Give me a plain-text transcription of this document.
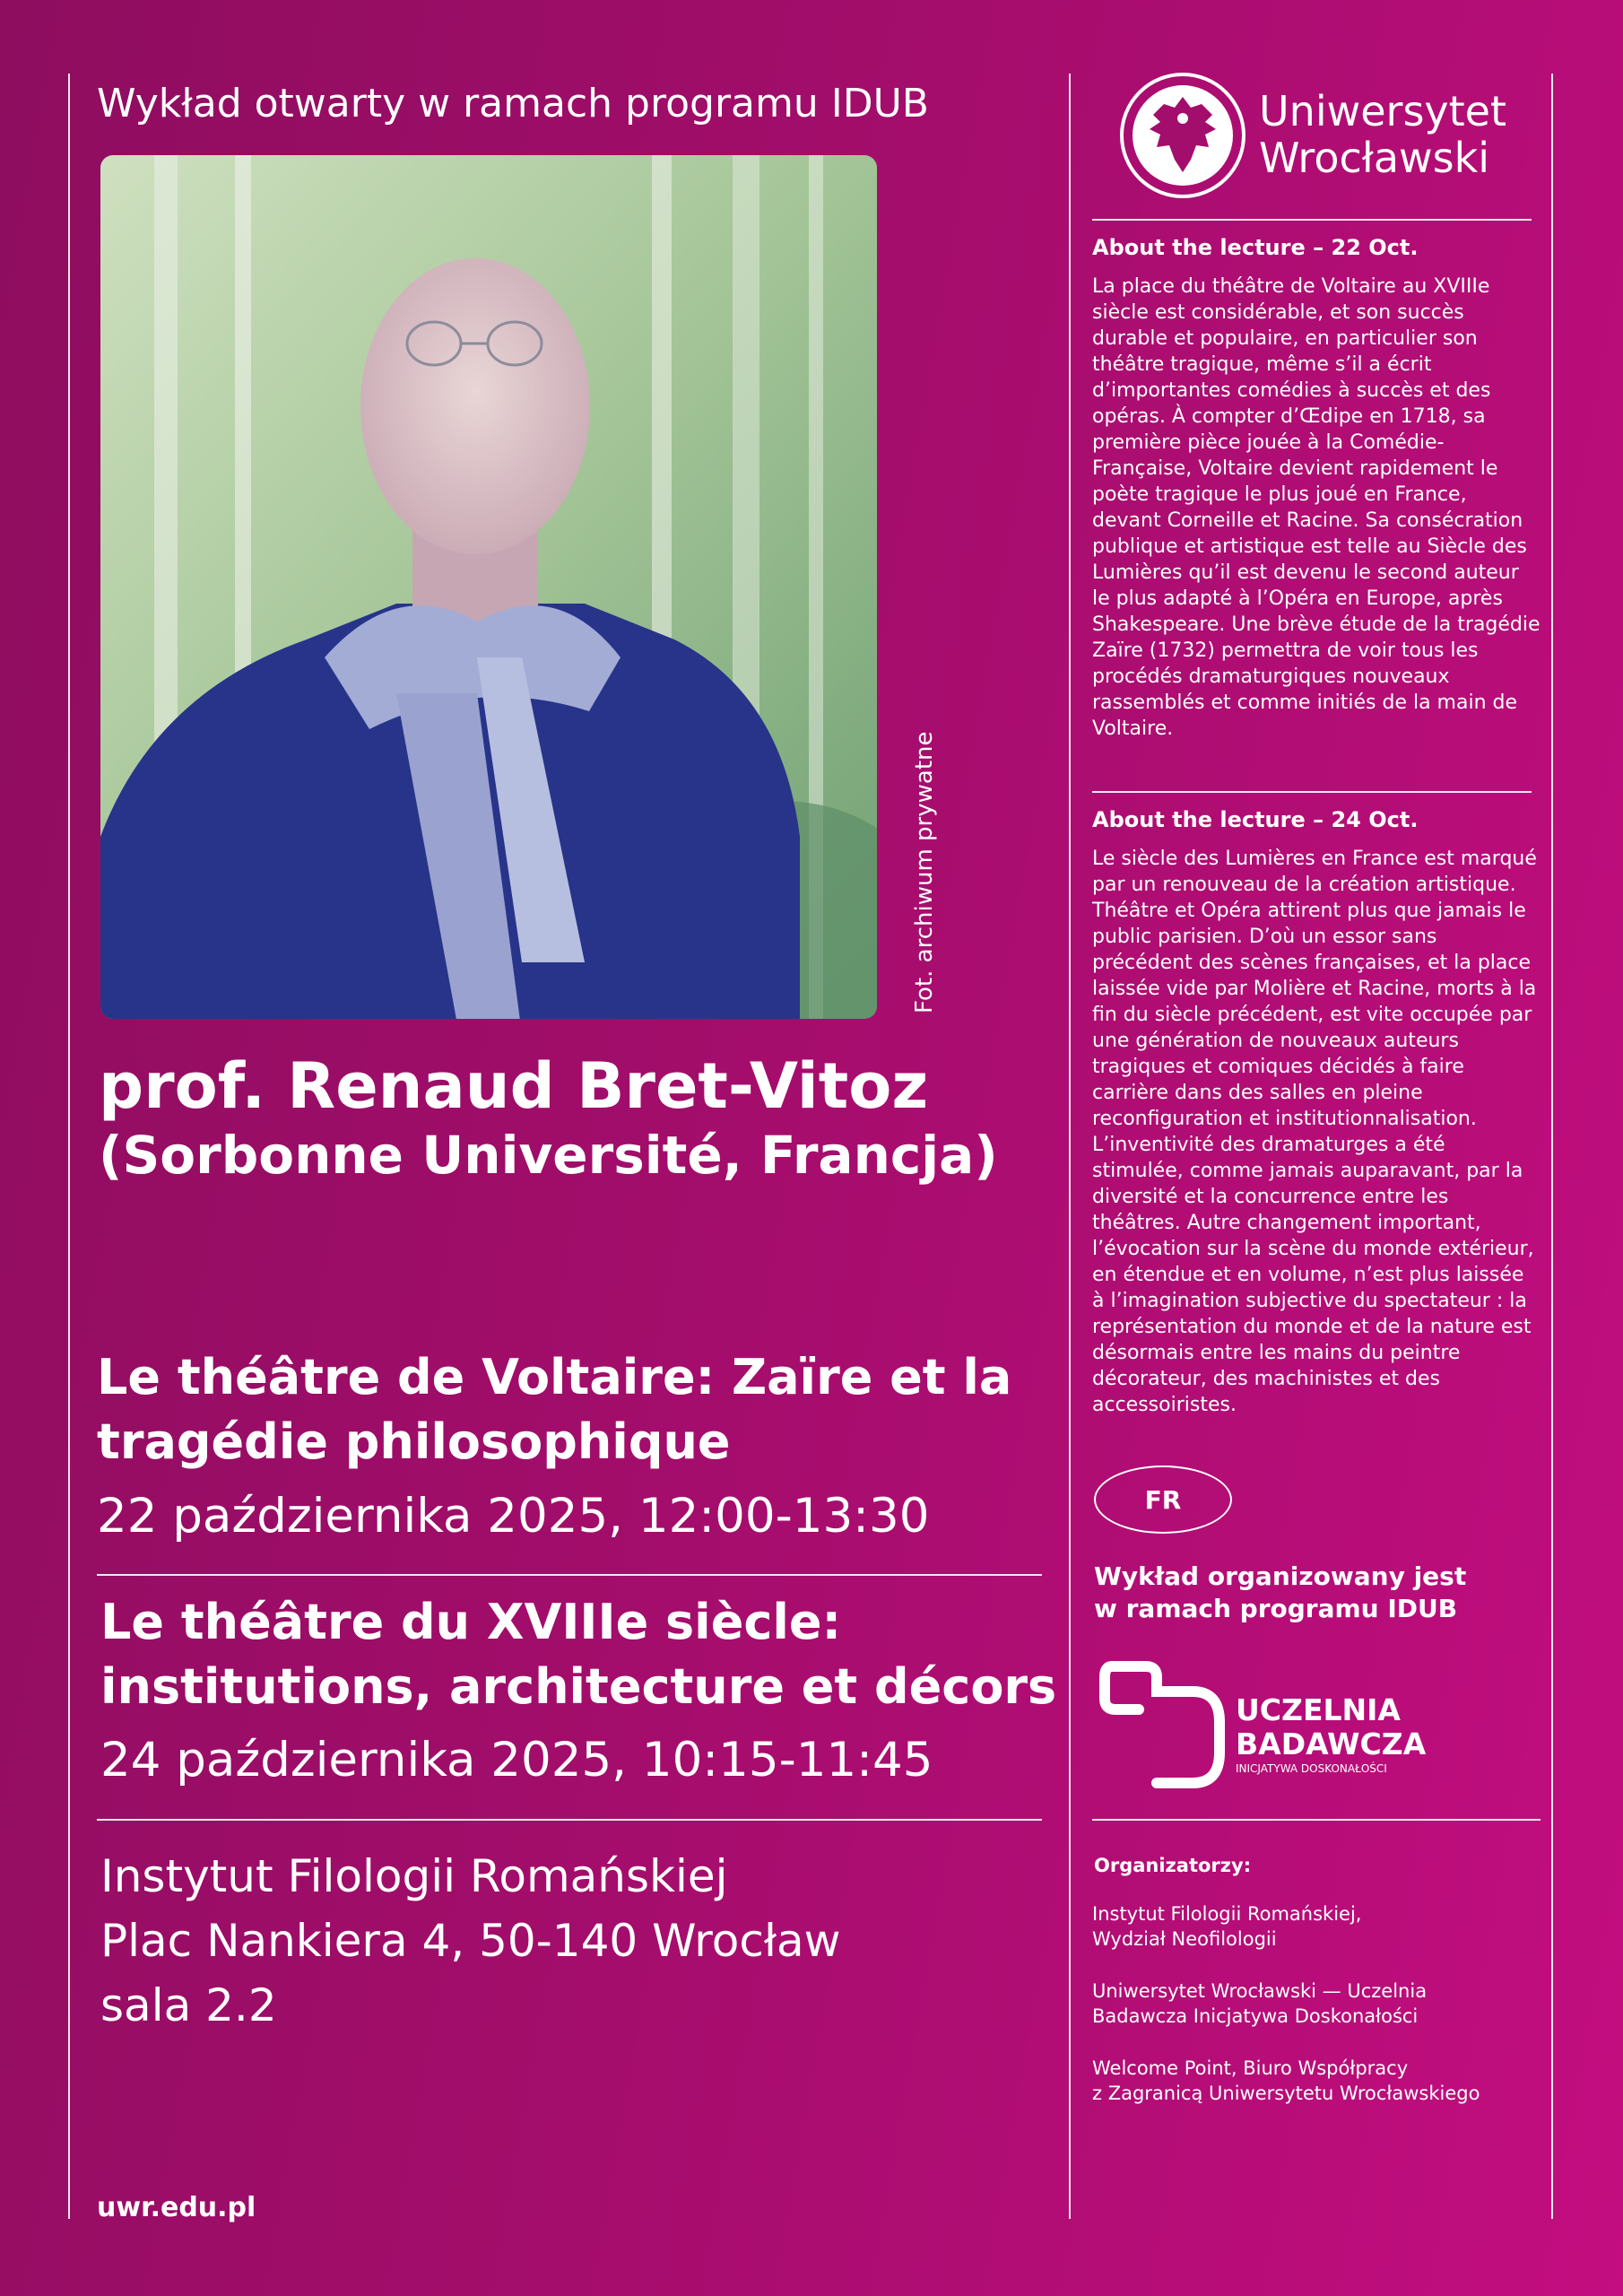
Wykład otwarty w ramach programu IDUB
Fot. archiwum prywatne
prof. Renaud Bret-Vitoz
(Sorbonne Université, Francja)
Le théâtre de Voltaire: Zaïre et la
tragédie philosophique
22 października 2025, 12:00-13:30
Le théâtre du XVIIIe siècle:
institutions, architecture et décors
24 października 2025, 10:15-11:45
Instytut Filologii Romańskiej
Plac Nankiera 4, 50-140 Wrocław
sala 2.2
uwr.edu.pl
Uniwersytet
Wrocławski
About the lecture – 22 Oct.
La place du théâtre de Voltaire au XVIIIe siècle est considérable, et son succès durable et populaire, en particulier son théâtre tragique, même s’il a écrit d’importantes comédies à succès et des opéras. À compter d’Œdipe en 1718, sa première pièce jouée à la Comédie-Française, Voltaire devient rapidement le poète tragique le plus joué en France, devant Corneille et Racine. Sa consécration publique et artistique est telle au Siècle des Lumières qu’il est devenu le second auteur le plus adapté à l’Opéra en Europe, après Shakespeare. Une brève étude de la tragédie Zaïre (1732) permettra de voir tous les procédés dramaturgiques nouveaux rassemblés et comme initiés de la main de Voltaire.
About the lecture – 24 Oct.
Le siècle des Lumières en France est marqué par un renouveau de la création artistique. Théâtre et Opéra attirent plus que jamais le public parisien. D’où un essor sans précédent des scènes françaises, et la place laissée vide par Molière et Racine, morts à la fin du siècle précédent, est vite occupée par une génération de nouveaux auteurs tragiques et comiques décidés à faire carrière dans des salles en pleine reconfiguration et institutionnalisation. L’inventivité des dramaturges a été stimulée, comme jamais auparavant, par la diversité et la concurrence entre les théâtres. Autre changement important, l’évocation sur la scène du monde extérieur, en étendue et en volume, n’est plus laissée à l’imagination subjective du spectateur : la représentation du monde et de la nature est désormais entre les mains du peintre décorateur, des machinistes et des accessoiristes.
FR
Wykład organizowany jest
w ramach programu IDUB
UCZELNIA
BADAWCZA
INICJATYWA DOSKONAŁOŚCI
Organizatorzy:
Instytut Filologii Romańskiej,
Wydział Neofilologii
Uniwersytet Wrocławski — Uczelnia
Badawcza Inicjatywa Doskonałości
Welcome Point, Biuro Współpracy
z Zagranicą Uniwersytetu Wrocławskiego
